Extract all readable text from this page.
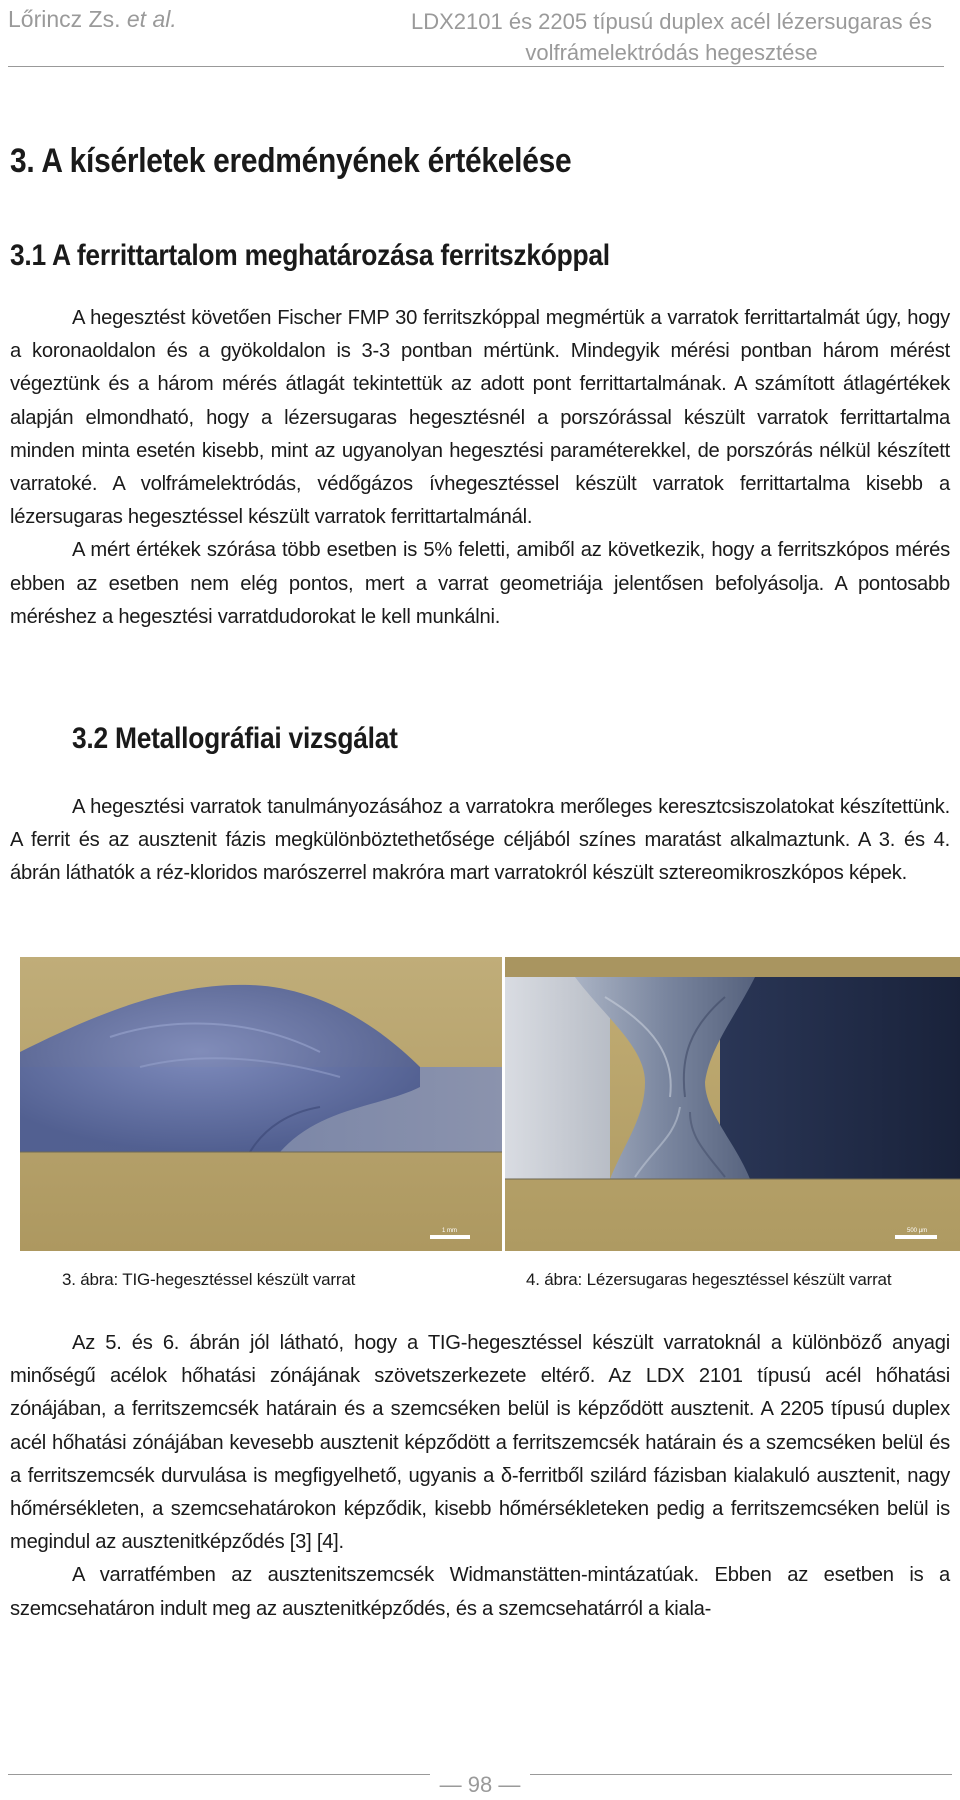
Lőrincz Zs. et al.	LDX2101 és 2205 típusú duplex acél lézersugaras és
volfrámelektródás hegesztése
3. A kísérletek eredményének értékelése
3.1 A ferrittartalom meghatározása ferritszkóppal

A hegesztést követően Fischer FMP 30 ferritszkóppal megmértük a varratok ferrittartalmát úgy, hogy a koronaoldalon és a gyökoldalon is 3-3 pontban mértünk. Mindegyik mérési pontban három mérést végeztünk és a három mérés átlagát tekintettük az adott pont ferrittartalmának. A számított átlagértékek alapján elmondható, hogy a lézersugaras hegesztésnél a porszórással készült varratok ferrittartalma minden minta esetén kisebb, mint az ugyanolyan hegesztési paraméterekkel, de porszórás nélkül készített varratoké. A volfrámelektródás, védőgázos ívhegesztéssel készült varratok ferrittartalma kisebb a lézersugaras hegesztéssel készült varratok ferrittartalmánál.

A mért értékek szórása több esetben is 5% feletti, amiből az következik, hogy a ferritszkópos mérés ebben az esetben nem elég pontos, mert a varrat geometriája jelentősen befolyásolja. A pontosabb méréshez a hegesztési varratdudorokat le kell munkálni.

3.2 Metallográfiai vizsgálat

A hegesztési varratok tanulmányozásához a varratokra merőleges keresztcsiszolatokat készítettünk. A ferrit és az ausztenit fázis megkülönböztethetősége céljából színes maratást alkalmaztunk. A 3. és 4. ábrán láthatók a réz-kloridos marószerrel makróra mart varratokról készült sztereomikroszkópos képek.

1 mm	500 µm
3. ábra: TIG-hegesztéssel készült varrat	4. ábra: Lézersugaras hegesztéssel készült varrat

Az 5. és 6. ábrán jól látható, hogy a TIG-hegesztéssel készült varratoknál a különböző anyagi minőségű acélok hőhatási zónájának szövetszerkezete eltérő. Az LDX 2101 típusú acél hőhatási zónájában, a ferritszemcsék határain és a szemcséken belül is képződött ausztenit. A 2205 típusú duplex acél hőhatási zónájában kevesebb ausztenit képződött a ferritszemcsék határain és a szemcséken belül és a ferritszemcsék durvulása is megfigyelhető, ugyanis a δ-ferritből szilárd fázisban kialakuló ausztenit, nagy hőmérsékleten, a szemcsehatárokon képződik, kisebb hőmérsékleteken pedig a ferritszemcséken belül is megindul az ausztenitképződés [3] [4].

A varratfémben az ausztenitszemcsék Widmanstätten-mintázatúak. Ebben az esetben is a szemcsehatáron indult meg az ausztenitképződés, és a szemcsehatárról a kiala-

— 98 —
